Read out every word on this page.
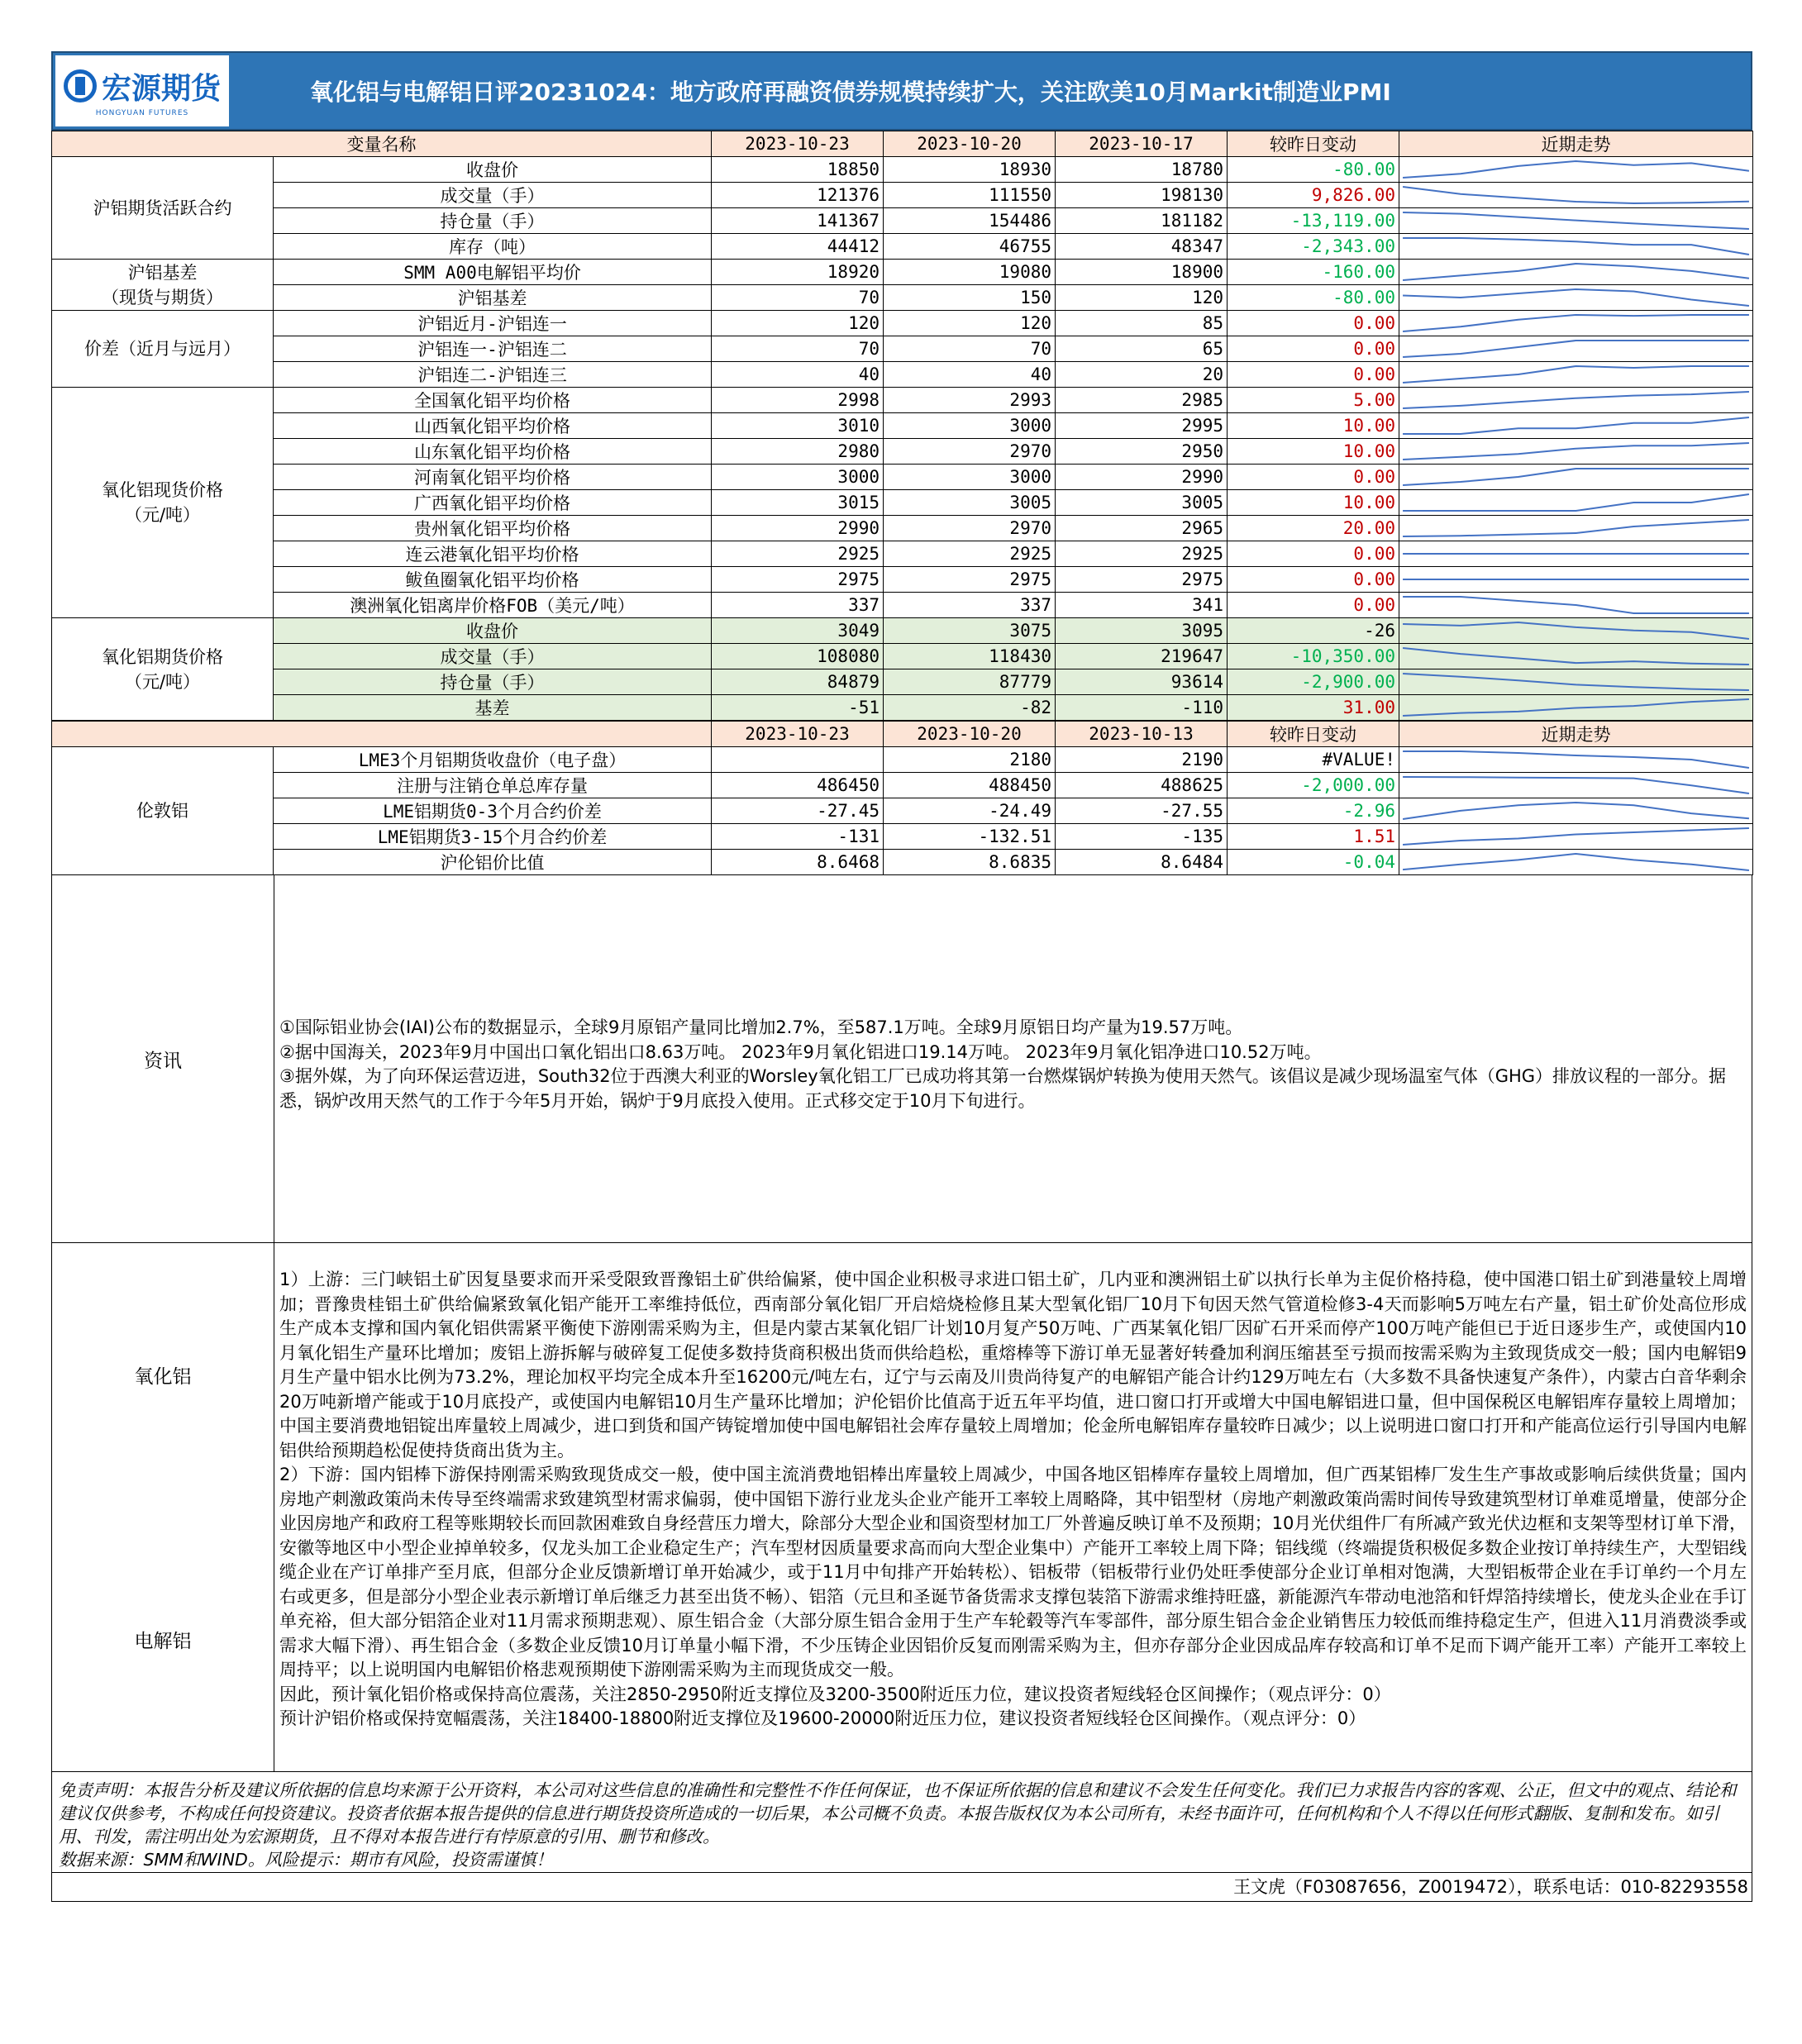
宏源期货
HONGYUAN FUTURES
氧化铝与电解铝日评20231024：地方政府再融资债券规模持续扩大，关注欧美10月Markit制造业PMI
变量名称		2023-10-23	2023-10-20	2023-10-17	较昨日变动	近期走势
沪铝期货活跃合约	收盘价	18850	18930	18780	-80.00	

	成交量（手）	121376	111550	198130	9,826.00	

	持仓量（手）	141367	154486	181182	-13,119.00	

	库存（吨）	44412	46755	48347	-2,343.00	

沪铝基差
（现货与期货）	SMM A00电解铝平均价	18920	19080	18900	-160.00	

	沪铝基差	70	150	120	-80.00	

价差（近月与远月）	沪铝近月-沪铝连一	120	120	85	0.00	

	沪铝连一-沪铝连二	70	70	65	0.00	

	沪铝连二-沪铝连三	40	40	20	0.00	

氧化铝现货价格
（元/吨）	全国氧化铝平均价格	2998	2993	2985	5.00	

	山西氧化铝平均价格	3010	3000	2995	10.00	

	山东氧化铝平均价格	2980	2970	2950	10.00	

	河南氧化铝平均价格	3000	3000	2990	0.00	

	广西氧化铝平均价格	3015	3005	3005	10.00	

	贵州氧化铝平均价格	2990	2970	2965	20.00	

	连云港氧化铝平均价格	2925	2925	2925	0.00	

	鲅鱼圈氧化铝平均价格	2975	2975	2975	0.00	

	澳洲氧化铝离岸价格FOB（美元/吨）	337	337	341	0.00	

氧化铝期货价格
（元/吨）	收盘价	3049	3075	3095	-26	

	成交量（手）	108080	118430	219647	-10,350.00	

	持仓量（手）	84879	87779	93614	-2,900.00	

	基差	-51	-82	-110	31.00	
		2023-10-23	2023-10-20	2023-10-13	较昨日变动	近期走势
伦敦铝	LME3个月铝期货收盘价（电子盘）		2180	2190	#VALUE!	

	注册与注销仓单总库存量	486450	488450	488625	-2,000.00	

	LME铝期货0-3个月合约价差	-27.45	-24.49	-27.55	-2.96	

	LME铝期货3-15个月合约价差	-131	-132.51	-135	1.51	

	沪伦铝价比值	8.6468	8.6835	8.6484	-0.04	
资讯
①国际铝业协会(IAI)公布的数据显示，全球9月原铝产量同比增加2.7%，至587.1万吨。全球9月原铝日均产量为19.57万吨。
②据中国海关，2023年9月中国出口氧化铝出口8.63万吨。 2023年9月氧化铝进口19.14万吨。 2023年9月氧化铝净进口10.52万吨。
③据外媒，为了向环保运营迈进，South32位于西澳大利亚的Worsley氧化铝工厂已成功将其第一台燃煤锅炉转换为使用天然气。该倡议是减少现场温室气体（GHG）排放议程的一部分。据悉，锅炉改用天然气的工作于今年5月开始，锅炉于9月底投入使用。正式移交定于10月下旬进行。
氧化铝
电解铝
1）上游：三门峡铝土矿因复垦要求而开采受限致晋豫铝土矿供给偏紧，使中国企业积极寻求进口铝土矿，几内亚和澳洲铝土矿以执行长单为主促价格持稳，使中国港口铝土矿到港量较上周增加；晋豫贵桂铝土矿供给偏紧致氧化铝产能开工率维持低位，西南部分氧化铝厂开启焙烧检修且某大型氧化铝厂10月下旬因天然气管道检修3-4天而影响5万吨左右产量，铝土矿价处高位形成生产成本支撑和国内氧化铝供需紧平衡使下游刚需采购为主，但是内蒙古某氧化铝厂计划10月复产50万吨、广西某氧化铝厂因矿石开采而停产100万吨产能但已于近日逐步生产，或使国内10月氧化铝生产量环比增加；废铝上游拆解与破碎复工促使多数持货商积极出货而供给趋松，重熔棒等下游订单无显著好转叠加利润压缩甚至亏损而按需采购为主致现货成交一般；国内电解铝9月生产量中铝水比例为73.2%，理论加权平均完全成本升至16200元/吨左右，辽宁与云南及川贵尚待复产的电解铝产能合计约129万吨左右（大多数不具备快速复产条件），内蒙古白音华剩余20万吨新增产能或于10月底投产，或使国内电解铝10月生产量环比增加；沪伦铝价比值高于近五年平均值，进口窗口打开或增大中国电解铝进口量，但中国保税区电解铝库存量较上周增加；中国主要消费地铝锭出库量较上周减少，进口到货和国产铸锭增加使中国电解铝社会库存量较上周增加；伦金所电解铝库存量较昨日减少；以上说明进口窗口打开和产能高位运行引导国内电解铝供给预期趋松促使持货商出货为主。
2）下游：国内铝棒下游保持刚需采购致现货成交一般，使中国主流消费地铝棒出库量较上周减少，中国各地区铝棒库存量较上周增加，但广西某铝棒厂发生生产事故或影响后续供货量；国内房地产刺激政策尚未传导至终端需求致建筑型材需求偏弱，使中国铝下游行业龙头企业产能开工率较上周略降，其中铝型材（房地产刺激政策尚需时间传导致建筑型材订单难觅增量，使部分企业因房地产和政府工程等账期较长而回款困难致自身经营压力增大，除部分大型企业和国资型材加工厂外普遍反映订单不及预期；10月光伏组件厂有所减产致光伏边框和支架等型材订单下滑，安徽等地区中小型企业掉单较多，仅龙头加工企业稳定生产；汽车型材因质量要求高而向大型企业集中）产能开工率较上周下降；铝线缆（终端提货积极促多数企业按订单持续生产，大型铝线缆企业在产订单排产至月底，但部分企业反馈新增订单开始减少，或于11月中旬排产开始转松）、铝板带（铝板带行业仍处旺季使部分企业订单相对饱满，大型铝板带企业在手订单约一个月左右或更多，但是部分小型企业表示新增订单后继乏力甚至出货不畅）、铝箔（元旦和圣诞节备货需求支撑包装箔下游需求维持旺盛，新能源汽车带动电池箔和钎焊箔持续增长，使龙头企业在手订单充裕，但大部分铝箔企业对11月需求预期悲观）、原生铝合金（大部分原生铝合金用于生产车轮毂等汽车零部件，部分原生铝合金企业销售压力较低而维持稳定生产，但进入11月消费淡季或需求大幅下滑）、再生铝合金（多数企业反馈10月订单量小幅下滑，不少压铸企业因铝价反复而刚需采购为主，但亦存部分企业因成品库存较高和订单不足而下调产能开工率）产能开工率较上周持平；以上说明国内电解铝价格悲观预期使下游刚需采购为主而现货成交一般。
因此，预计氧化铝价格或保持高位震荡，关注2850-2950附近支撑位及3200-3500附近压力位，建议投资者短线轻仓区间操作；（观点评分：0）
预计沪铝价格或保持宽幅震荡，关注18400-18800附近支撑位及19600-20000附近压力位，建议投资者短线轻仓区间操作。（观点评分：0）
免责声明：本报告分析及建议所依据的信息均来源于公开资料，本公司对这些信息的准确性和完整性不作任何保证，也不保证所依据的信息和建议不会发生任何变化。我们已力求报告内容的客观、公正，但文中的观点、结论和建议仅供参考，不构成任何投资建议。投资者依据本报告提供的信息进行期货投资所造成的一切后果，本公司概不负责。本报告版权仅为本公司所有，未经书面许可，任何机构和个人不得以任何形式翻版、复制和发布。如引用、刊发，需注明出处为宏源期货，且不得对本报告进行有悖原意的引用、删节和修改。
数据来源：SMM和WIND。风险提示：期市有风险，投资需谨慎！
王文虎（F03087656，Z0019472），联系电话：010-82293558
